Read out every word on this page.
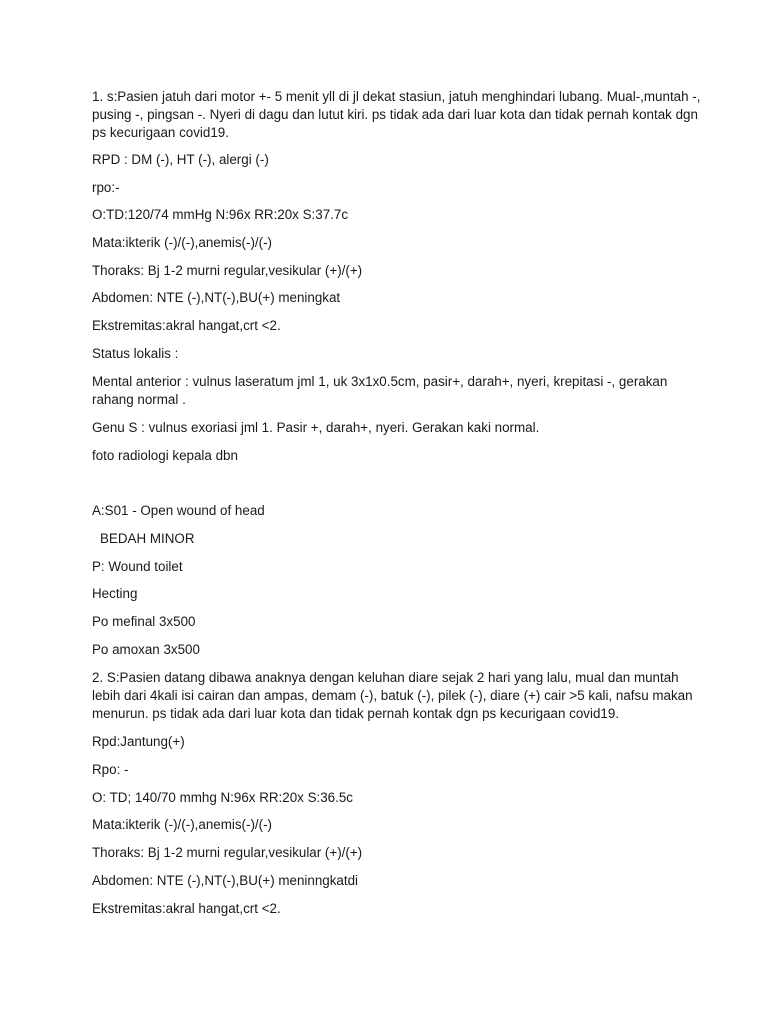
1. s:Pasien jatuh dari motor +- 5 menit yll di jl dekat stasiun, jatuh menghindari lubang. Mual-,muntah -,
pusing -, pingsan -. Nyeri di dagu dan lutut kiri. ps tidak ada dari luar kota dan tidak pernah kontak dgn
ps kecurigaan covid19.
RPD : DM (-), HT (-), alergi (-)
rpo:-
O:TD:120/74 mmHg N:96x RR:20x S:37.7c
Mata:ikterik (-)/(-),anemis(-)/(-)
Thoraks: Bj 1-2 murni regular,vesikular (+)/(+)
Abdomen: NTE (-),NT(-),BU(+) meningkat
Ekstremitas:akral hangat,crt <2.
Status lokalis :
Mental anterior : vulnus laseratum jml 1, uk 3x1x0.5cm, pasir+, darah+, nyeri, krepitasi -, gerakan
rahang normal .
Genu S : vulnus exoriasi jml 1. Pasir +, darah+, nyeri. Gerakan kaki normal.
foto radiologi kepala dbn
A:S01 - Open wound of head
BEDAH MINOR
P: Wound toilet
Hecting
Po mefinal 3x500
Po amoxan 3x500
2. S:Pasien datang dibawa anaknya dengan keluhan diare sejak 2 hari yang lalu, mual dan muntah
lebih dari 4kali isi cairan dan ampas, demam (-), batuk (-), pilek (-), diare (+) cair >5 kali, nafsu makan
menurun. ps tidak ada dari luar kota dan tidak pernah kontak dgn ps kecurigaan covid19.
Rpd:Jantung(+)
Rpo: -
O: TD; 140/70 mmhg N:96x RR:20x S:36.5c
Mata:ikterik (-)/(-),anemis(-)/(-)
Thoraks: Bj 1-2 murni regular,vesikular (+)/(+)
Abdomen: NTE (-),NT(-),BU(+) meninngkatdi
Ekstremitas:akral hangat,crt <2.
